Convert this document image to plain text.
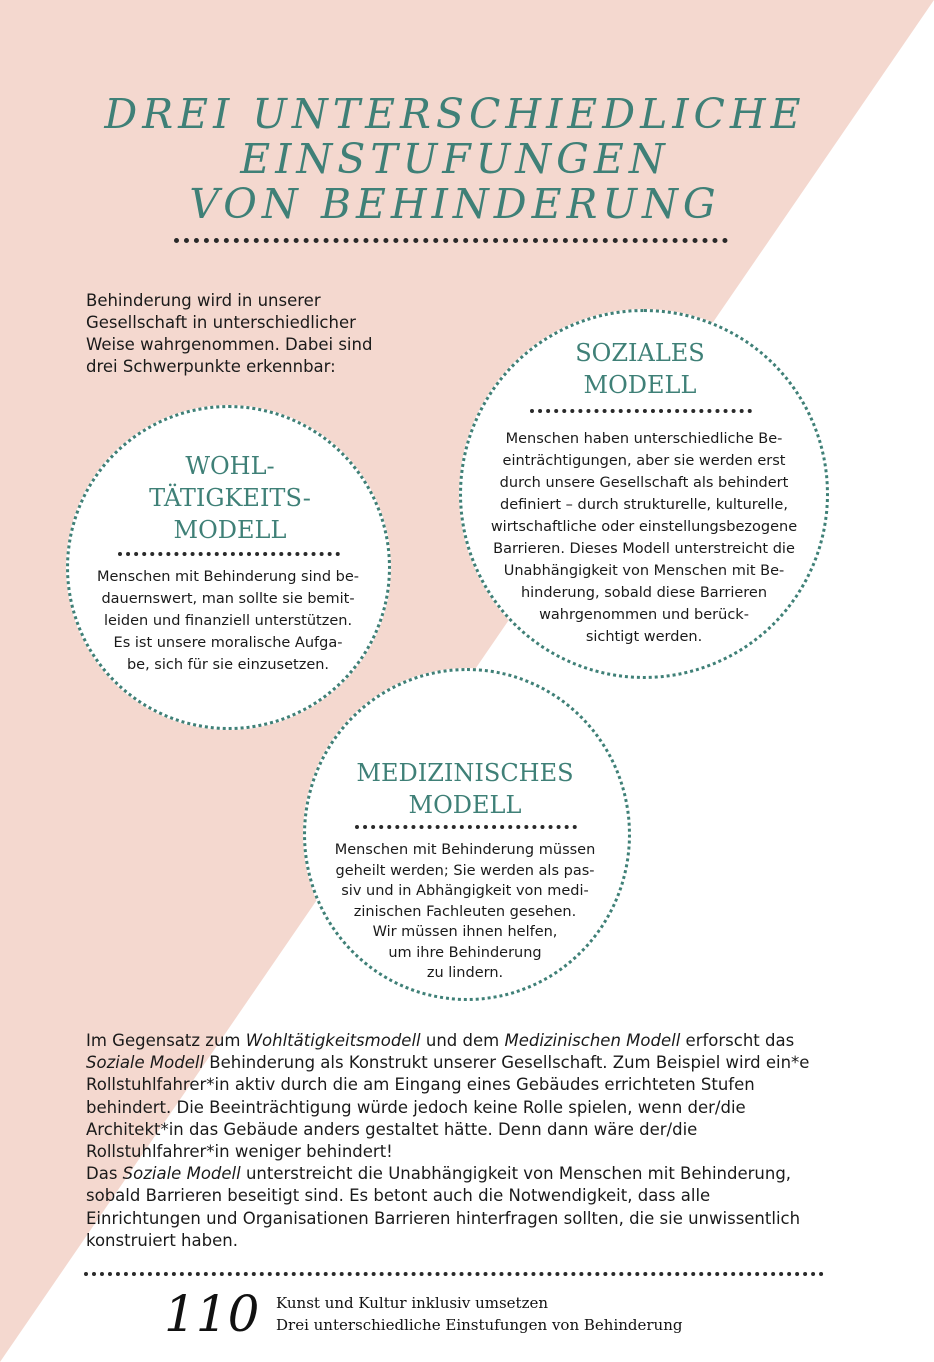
DREI UNTERSCHIEDLICHE
EINSTUFUNGEN
VON BEHINDERUNG

Behinderung wird in unserer Gesellschaft in unterschiedlicher Weise wahrgenommen. Dabei sind drei Schwerpunkte erkennbar:

WOHL-
TÄTIGKEITS-
MODELL

Menschen mit Behinderung sind be-
dauernswert, man sollte sie bemit-
leiden und finanziell unterstützen.
Es ist unsere moralische Aufga-
be, sich für sie einzusetzen.

SOZIALES
MODELL

Menschen haben unterschiedliche Be-
einträchtigungen, aber sie werden erst
durch unsere Gesellschaft als behindert
definiert – durch strukturelle, kulturelle,
wirtschaftliche oder einstellungsbezogene
Barrieren. Dieses Modell unterstreicht die
Unabhängigkeit von Menschen mit Be-
hinderung, sobald diese Barrieren
wahrgenommen und berück-
sichtigt werden.

MEDIZINISCHES
MODELL

Menschen mit Behinderung müssen
geheilt werden; Sie werden als pas-
siv und in Abhängigkeit von medi-
zinischen Fachleuten gesehen.
Wir müssen ihnen helfen,
um ihre Behinderung
zu lindern.

Im Gegensatz zum Wohltätigkeitsmodell und dem Medizinischen Modell erforscht das Soziale Modell Behinderung als Konstrukt unserer Gesellschaft. Zum Beispiel wird ein*e Rollstuhlfahrer*in aktiv durch die am Eingang eines Gebäudes errichteten Stufen behindert. Die Beeinträchtigung würde jedoch keine Rolle spielen, wenn der/die Architekt*in das Gebäude anders gestaltet hätte. Denn dann wäre der/die Rollstuhlfahrer*in weniger behindert!

Das Soziale Modell unterstreicht die Unabhängigkeit von Menschen mit Behinderung, sobald Barrieren beseitigt sind. Es betont auch die Notwendigkeit, dass alle Einrichtungen und Organisationen Barrieren hinterfragen sollten, die sie unwissentlich konstruiert haben.

110 Kunst und Kultur inklusiv umsetzen
Drei unterschiedliche Einstufungen von Behinderung
